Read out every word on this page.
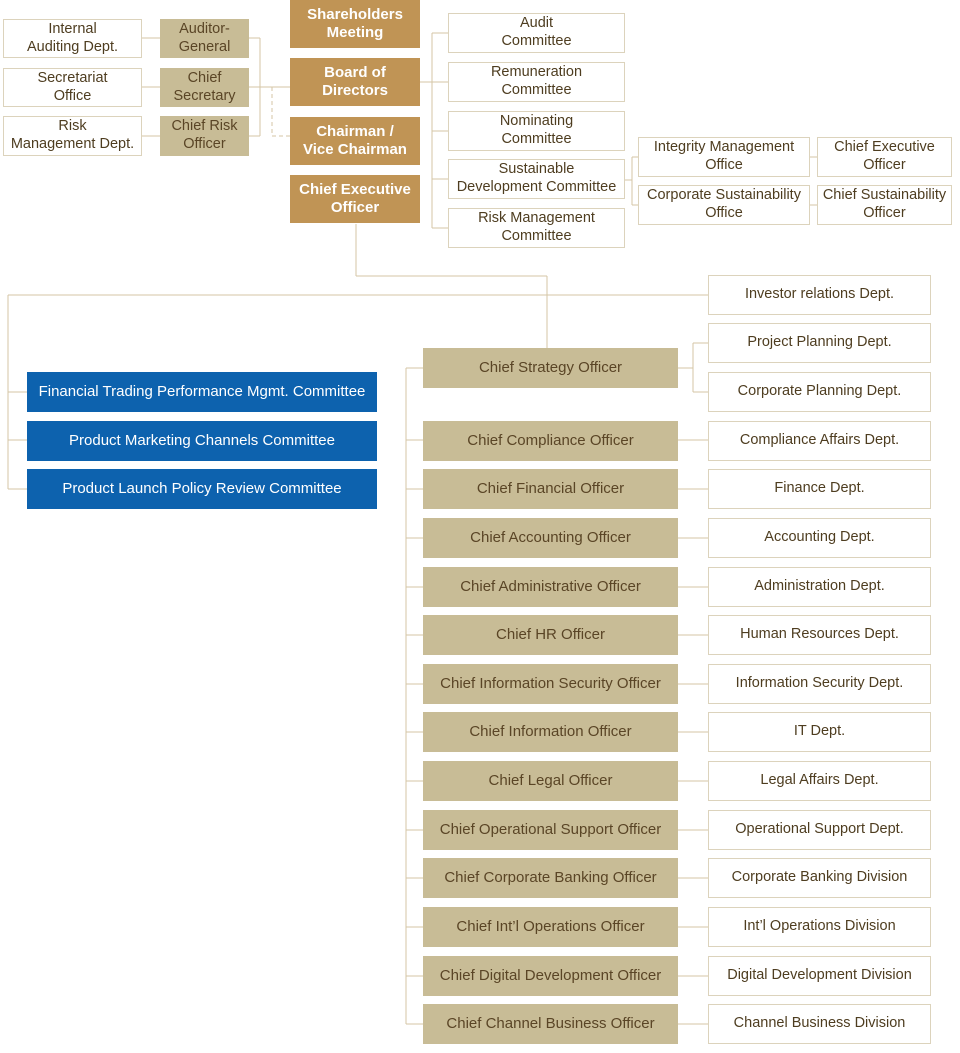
Internal
Auditing Dept.
Auditor-
General
Secretariat
Office
Chief
Secretary
Risk
Management Dept.
Chief Risk
Officer
Shareholders
Meeting
Board of
Directors
Chairman /
Vice Chairman
Chief Executive
Officer
Audit
Committee
Remuneration
Committee
Nominating
Committee
Sustainable
Development Committee
Risk Management
Committee
Integrity Management
Office
Chief Executive
Officer
Corporate Sustainability
Office
Chief Sustainability
Officer
Investor relations Dept.
Chief Strategy Officer
Project Planning Dept.
Corporate Planning Dept.
Financial Trading Performance Mgmt. Committee
Product Marketing Channels Committee
Product Launch Policy Review Committee
Chief Compliance Officer	Compliance Affairs Dept.
Chief Financial Officer	Finance Dept.
Chief Accounting Officer	Accounting Dept.
Chief Administrative Officer	Administration Dept.
Chief HR Officer	Human Resources Dept.
Chief Information Security Officer	Information Security Dept.
Chief Information Officer	IT Dept.
Chief Legal Officer	Legal Affairs Dept.
Chief Operational Support Officer	Operational Support Dept.
Chief Corporate Banking Officer	Corporate Banking Division
Chief Int’l Operations Officer	Int’l Operations Division
Chief Digital Development Officer	Digital Development Division
Chief Channel Business Officer	Channel Business Division
